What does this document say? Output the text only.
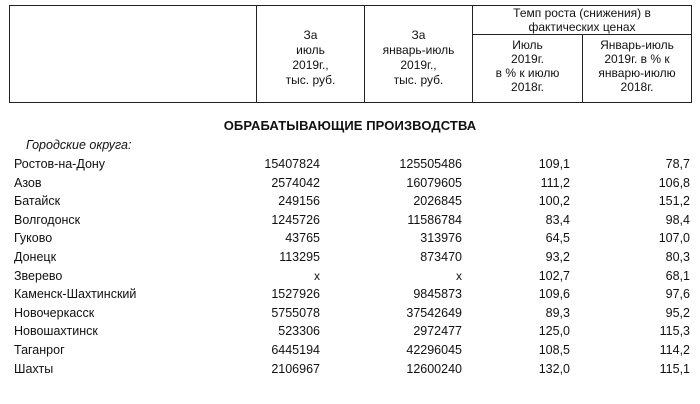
	За
июль
2019г.,
тыс. руб.	За
январь-июль
2019г.,
тыс. руб.	Темп роста (снижения) в
фактических ценах	
			Июль
2019г.
в % к июлю
2018г.	Январь-июль
2019г. в % к
январю-июлю
2018г.
ОБРАБАТЫВАЮЩИЕ ПРОИЗВОДСТВА
Городские округа:
Ростов-на-Дону	15407824	125505486	109,1	78,7
Азов	2574042	16079605	111,2	106,8
Батайск	249156	2026845	100,2	151,2
Волгодонск	1245726	11586784	83,4	98,4
Гуково	43765	313976	64,5	107,0
Донецк	113295	873470	93,2	80,3
Зверево	x	x	102,7	68,1
Каменск-Шахтинский	1527926	9845873	109,6	97,6
Новочеркасск	5755078	37542649	89,3	95,2
Новошахтинск	523306	2972477	125,0	115,3
Таганрог	6445194	42296045	108,5	114,2
Шахты	2106967	12600240	132,0	115,1
